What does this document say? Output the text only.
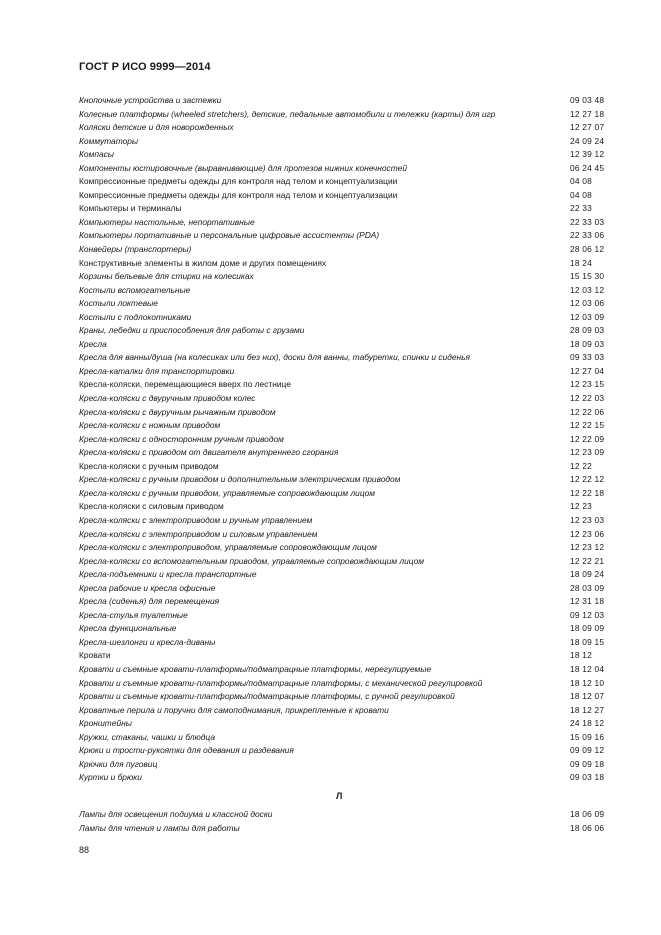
ГОСТ Р ИСО 9999—2014
Кнопочные устройства и застежки	09 03 48
Колесные платформы (wheeled stretchers), детские, педальные автомобили и тележки (карты) для игр	12 27 18
Коляски детские и для новорожденных	12 27 07
Коммутаторы	24 09 24
Компасы	12 39 12
Компоненты юстировочные (выравнивающие) для протезов нижних конечностей	06 24 45
Компрессионные предметы одежды для контроля над телом и концептуализации	04 08
Компрессионные предметы одежды для контроля над телом и концептуализации	04 08
Компьютеры и терминалы	22 33
Компьютеры настольные, непортативные	22 33 03
Компьютеры портативные и персональные цифровые ассистенты (PDA)	22 33 06
Конвейеры (транспортеры)	28 06 12
Конструктивные элементы в жилом доме и других помещениях	18 24
Корзины бельевые для стирки на колесиках	15 15 30
Костыли вспомогательные	12 03 12
Костыли локтевые	12 03 06
Костыли с подлокотниками	12 03 09
Краны, лебедки и приспособления для работы с грузами	28 09 03
Кресла	18 09 03
Кресла для ванны/душа (на колесиках или без них), доски для ванны, табуретки, спинки и сиденья	09 33 03
Кресла-каталки для транспортировки	12 27 04
Кресла-коляски, перемещающиеся вверх по лестнице	12 23 15
Кресла-коляски с двуручным приводом колес	12 22 03
Кресла-коляски с двуручным рычажным приводом	12 22 06
Кресла-коляски с ножным приводом	12 22 15
Кресла-коляски с односторонним ручным приводом	12 22 09
Кресла-коляски с приводом от двигателя внутреннего сгорания	12 23 09
Кресла-коляски с ручным приводом	12 22
Кресла-коляски с ручным приводом и дополнительным электрическим приводом	12 22 12
Кресла-коляски с ручным приводом, управляемые сопровождающим лицом	12 22 18
Кресла-коляски с силовым приводом	12 23
Кресла-коляски с электроприводом и ручным управлением	12 23 03
Кресла-коляски с электроприводом и силовым управлением	12 23 06
Кресла-коляски с электроприводом, управляемые сопровождающим лицом	12 23 12
Кресла-коляски со вспомогательным приводом, управляемые сопровождающим лицом	12 22 21
Кресла-подъемники и кресла транспортные	18 09 24
Кресла рабочие и кресла офисные	28 03 09
Кресла (сиденья) для перемещения	12 31 18
Кресла-стулья туалетные	09 12 03
Кресла функциональные	18 09 09
Кресла-шезлонги и кресла-диваны	18 09 15
Кровати	18 12
Кровати и съемные кровати-платформы/подматрацные платформы, нерегулируемые	18 12 04
Кровати и съемные кровати-платформы/подматрацные платформы, с механической регулировкой	18 12 10
Кровати и съемные кровати-платформы/подматрацные платформы, с ручной регулировкой	18 12 07
Кроватные перила и поручни для самоподнимания, прикрепленные к кровати	18 12 27
Кронштейны	24 18 12
Кружки, стаканы, чашки и блюдца	15 09 16
Крюки и трости-рукоятки для одевания и раздевания	09 09 12
Крючки для пуговиц	09 09 18
Куртки и брюки	09 03 18
Л
Лампы для освещения подиума и классной доски	18 06 09
Лампы для чтения и лампы для работы	18 06 06
88
